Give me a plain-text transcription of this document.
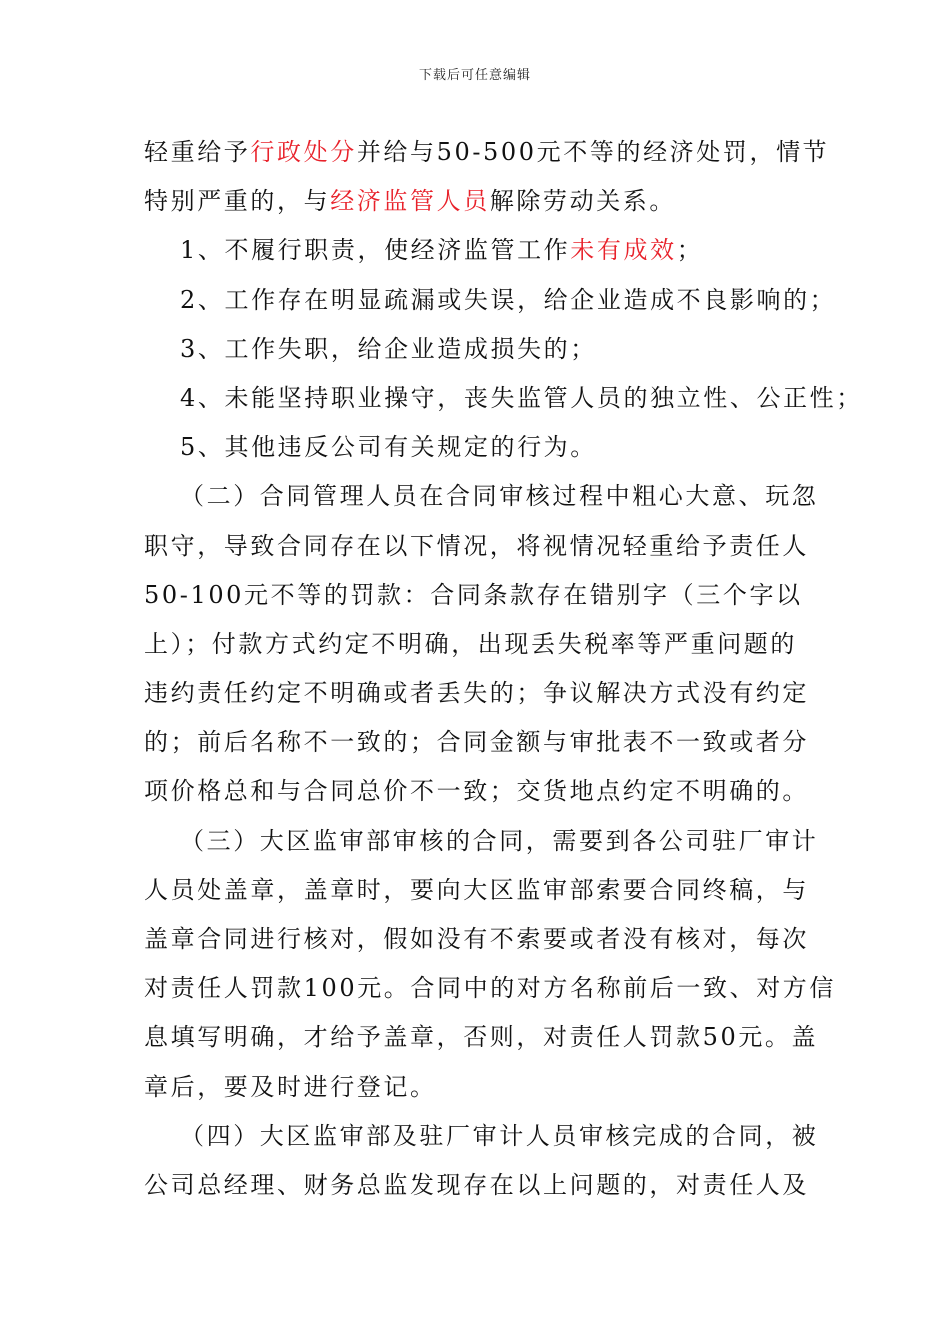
下载后可任意编辑
轻重给予行政处分并给与50-500元不等的经济处罚，情节
特别严重的，与经济监管人员解除劳动关系。
1、不履行职责，使经济监管工作未有成效；
2、工作存在明显疏漏或失误，给企业造成不良影响的；
3、工作失职，给企业造成损失的；
4、未能坚持职业操守，丧失监管人员的独立性、公正性；
5、其他违反公司有关规定的行为。
（二）合同管理人员在合同审核过程中粗心大意、玩忽
职守，导致合同存在以下情况，将视情况轻重给予责任人
50-100元不等的罚款：合同条款存在错别字（三个字以
上）；付款方式约定不明确，出现丢失税率等严重问题的
违约责任约定不明确或者丢失的；争议解决方式没有约定
的；前后名称不一致的；合同金额与审批表不一致或者分
项价格总和与合同总价不一致；交货地点约定不明确的。
（三）大区监审部审核的合同，需要到各公司驻厂审计
人员处盖章，盖章时，要向大区监审部索要合同终稿，与
盖章合同进行核对，假如没有不索要或者没有核对，每次
对责任人罚款100元。合同中的对方名称前后一致、对方信
息填写明确，才给予盖章，否则，对责任人罚款50元。盖
章后，要及时进行登记。
（四）大区监审部及驻厂审计人员审核完成的合同，被
公司总经理、财务总监发现存在以上问题的，对责任人及
